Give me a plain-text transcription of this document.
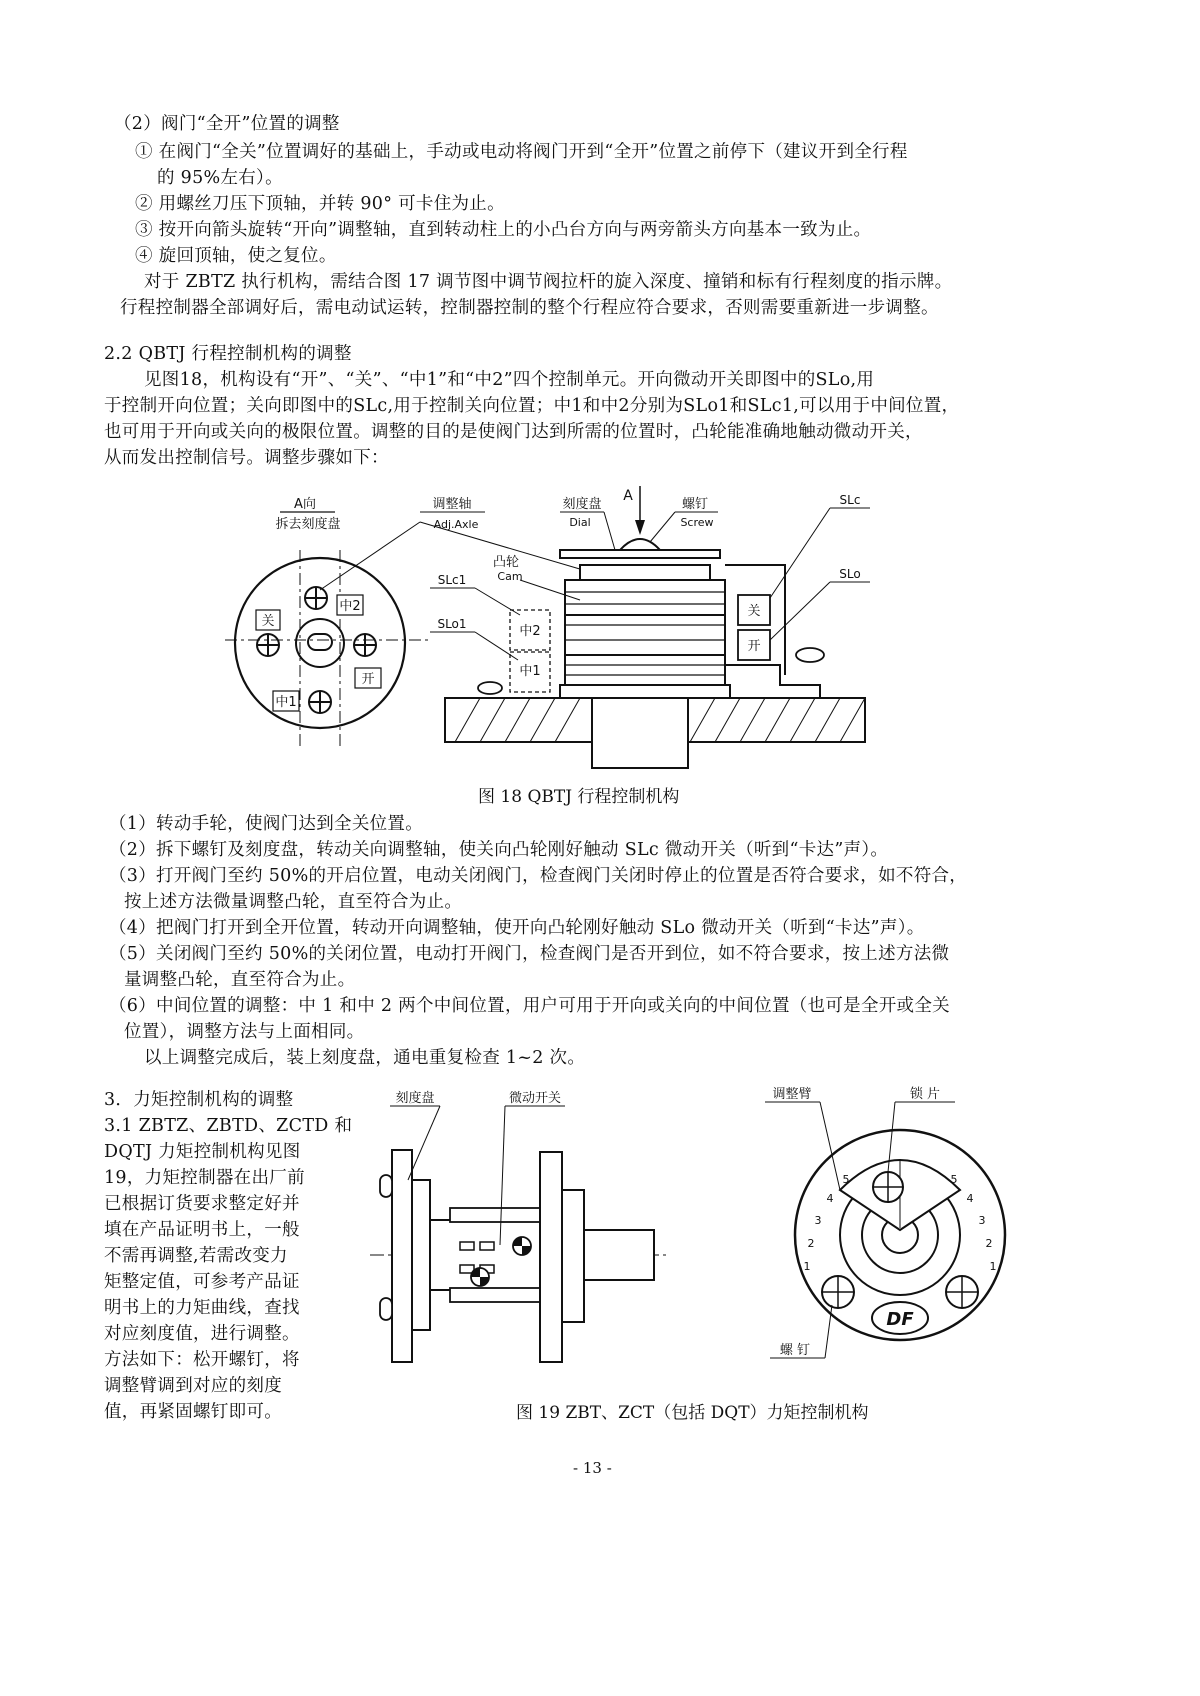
（2）阀门“全开”位置的调整
① 在阀门“全关”位置调好的基础上，手动或电动将阀门开到“全开”位置之前停下（建议开到全行程
的 95%左右）。
② 用螺丝刀压下顶轴，并转 90° 可卡住为止。
③ 按开向箭头旋转“开向”调整轴，直到转动柱上的小凸台方向与两旁箭头方向基本一致为止。
④ 旋回顶轴，使之复位。
对于 ZBTZ 执行机构，需结合图 17 调节图中调节阀拉杆的旋入深度、撞销和标有行程刻度的指示牌。
行程控制器全部调好后，需电动试运转，控制器控制的整个行程应符合要求，否则需要重新进一步调整。
2.2 QBTJ 行程控制机构的调整
见图18，机构设有“开”、“关”、“中1”和“中2”四个控制单元。开向微动开关即图中的SLo,用
于控制开向位置；关向即图中的SLc,用于控制关向位置；中1和中2分别为SLo1和SLc1,可以用于中间位置，
也可用于开向或关向的极限位置。调整的目的是使阀门达到所需的位置时，凸轮能准确地触动微动开关，
从而发出控制信号。调整步骤如下：
A向
拆去刻度盘
中2
关
开
中1
调整轴
Adj.Axle
刻度盘
Dial
A
螺钉
Screw
SLc
SLo
凸轮
Cam
SLc1
SLo1
关
开
中2
中1
图 18 QBTJ 行程控制机构
（1）转动手轮，使阀门达到全关位置。
（2）拆下螺钉及刻度盘，转动关向调整轴，使关向凸轮刚好触动 SLc 微动开关（听到“卡达”声）。
（3）打开阀门至约 50%的开启位置，电动关闭阀门，检查阀门关闭时停止的位置是否符合要求，如不符合，
按上述方法微量调整凸轮，直至符合为止。
（4）把阀门打开到全开位置，转动开向调整轴，使开向凸轮刚好触动 SLo 微动开关（听到“卡达”声）。
（5）关闭阀门至约 50%的关闭位置，电动打开阀门，检查阀门是否开到位，如不符合要求，按上述方法微
量调整凸轮，直至符合为止。
（6）中间位置的调整：中 1 和中 2 两个中间位置，用户可用于开向或关向的中间位置（也可是全开或全关
位置），调整方法与上面相同。
以上调整完成后，装上刻度盘，通电重复检查 1~2 次。
3．力矩控制机构的调整
3.1 ZBTZ、ZBTD、ZCTD 和
DQTJ 力矩控制机构见图
19，力矩控制器在出厂前
已根据订货要求整定好并
填在产品证明书上，一般
不需再调整,若需改变力
矩整定值，可参考产品证
明书上的力矩曲线，查找
对应刻度值，进行调整。
方法如下：松开螺钉，将
调整臂调到对应的刻度
值，再紧固螺钉即可。
刻度盘	微动开关	调整臂	锁 片
DF
1
2
3
4
5	5
4
3
2
1
螺 钉
图 19 ZBT、ZCT（包括 DQT）力矩控制机构
- 13 -
